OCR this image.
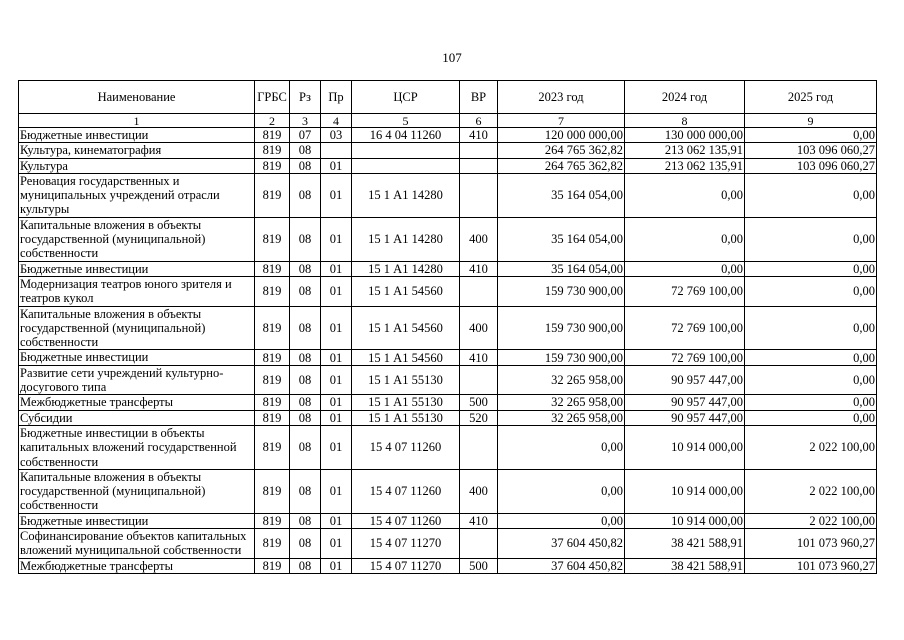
107
Наименование	ГРБС	Рз	Пр	ЦСР	ВР	2023 год	2024 год	2025 год
1	2	3	4	5	6	7	8	9
Бюджетные инвестиции	819	07	03	16 4 04 11260	410	120 000 000,00	130 000 000,00	0,00
Культура, кинематография	819	08				264 765 362,82	213 062 135,91	103 096 060,27
Культура	819	08	01			264 765 362,82	213 062 135,91	103 096 060,27
Реновация государственных и муниципальных учреждений отрасли культуры	819	08	01	15 1 А1 14280		35 164 054,00	0,00	0,00
Капитальные вложения в объекты государственной (муниципальной) собственности	819	08	01	15 1 А1 14280	400	35 164 054,00	0,00	0,00
Бюджетные инвестиции	819	08	01	15 1 А1 14280	410	35 164 054,00	0,00	0,00
Модернизация театров юного зрителя и театров кукол	819	08	01	15 1 А1 54560		159 730 900,00	72 769 100,00	0,00
Капитальные вложения в объекты государственной (муниципальной) собственности	819	08	01	15 1 А1 54560	400	159 730 900,00	72 769 100,00	0,00
Бюджетные инвестиции	819	08	01	15 1 А1 54560	410	159 730 900,00	72 769 100,00	0,00
Развитие сети учреждений культурно-досугового типа	819	08	01	15 1 А1 55130		32 265 958,00	90 957 447,00	0,00
Межбюджетные трансферты	819	08	01	15 1 А1 55130	500	32 265 958,00	90 957 447,00	0,00
Субсидии	819	08	01	15 1 А1 55130	520	32 265 958,00	90 957 447,00	0,00
Бюджетные инвестиции в объекты капитальных вложений государственной собственности	819	08	01	15 4 07 11260		0,00	10 914 000,00	2 022 100,00
Капитальные вложения в объекты государственной (муниципальной) собственности	819	08	01	15 4 07 11260	400	0,00	10 914 000,00	2 022 100,00
Бюджетные инвестиции	819	08	01	15 4 07 11260	410	0,00	10 914 000,00	2 022 100,00
Софинансирование объектов капитальных вложений муниципальной собственности	819	08	01	15 4 07 11270		37 604 450,82	38 421 588,91	101 073 960,27
Межбюджетные трансферты	819	08	01	15 4 07 11270	500	37 604 450,82	38 421 588,91	101 073 960,27
